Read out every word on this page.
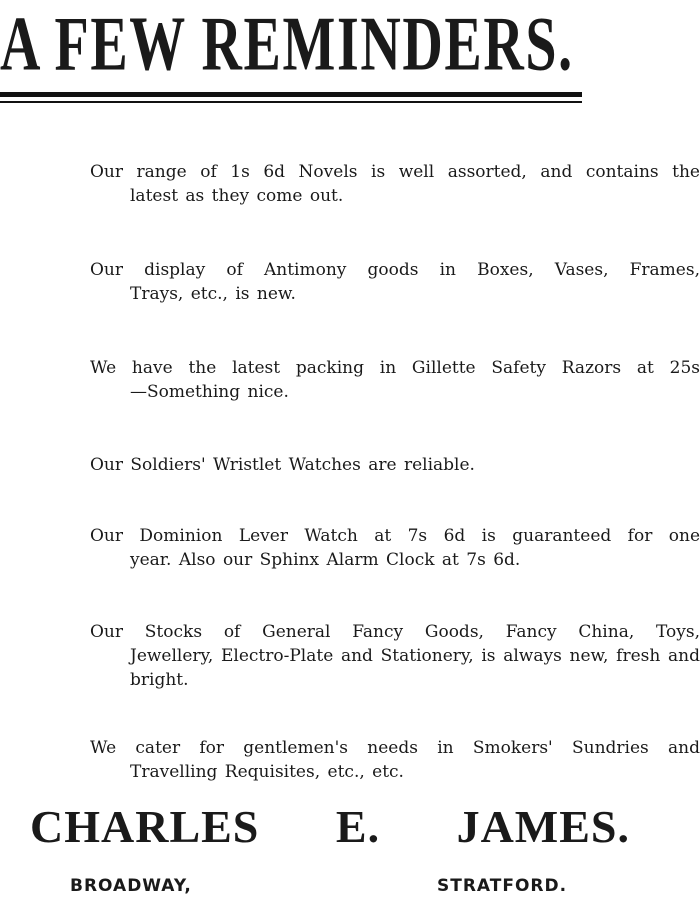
A FEW REMINDERS.
Our range of 1s 6d Novels is well assorted, and contains the
latest as they come out.
Our display of Antimony goods in Boxes, Vases, Frames,
Trays, etc., is new.
We have the latest packing in Gillette Safety Razors at 25s
—Something nice.
Our Soldiers' Wristlet Watches are reliable.
Our Dominion Lever Watch at 7s 6d is guaranteed for one
year. Also our Sphinx Alarm Clock at 7s 6d.
Our Stocks of General Fancy Goods, Fancy China, Toys,
Jewellery, Electro-Plate and Stationery, is always new, fresh and bright.
We cater for gentlemen's needs in Smokers' Sundries and
Travelling Requisites, etc., etc.
CHARLES E. JAMES.
BROADWAY,	STRATFORD.
